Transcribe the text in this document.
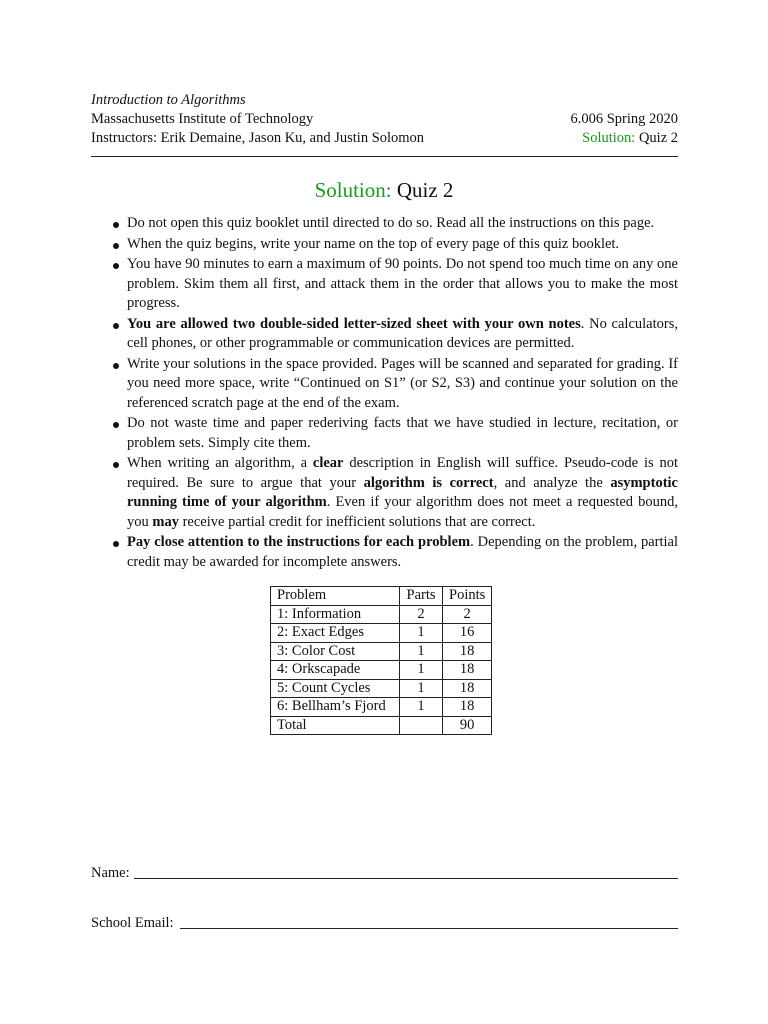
Introduction to Algorithms
Massachusetts Institute of Technology
Instructors: Erik Demaine, Jason Ku, and Justin Solomon
6.006 Spring 2020
Solution: Quiz 2
Solution: Quiz 2
Do not open this quiz booklet until directed to do so. Read all the instructions on this page.
When the quiz begins, write your name on the top of every page of this quiz booklet.
You have 90 minutes to earn a maximum of 90 points. Do not spend too much time on any one problem. Skim them all first, and attack them in the order that allows you to make the most progress.
You are allowed two double-sided letter-sized sheet with your own notes. No calculators, cell phones, or other programmable or communication devices are permitted.
Write your solutions in the space provided. Pages will be scanned and separated for grading. If you need more space, write “Continued on S1” (or S2, S3) and continue your solution on the referenced scratch page at the end of the exam.
Do not waste time and paper rederiving facts that we have studied in lecture, recitation, or problem sets. Simply cite them.
When writing an algorithm, a clear description in English will suffice. Pseudo-code is not required. Be sure to argue that your algorithm is correct, and analyze the asymptotic running time of your algorithm. Even if your algorithm does not meet a requested bound, you may receive partial credit for inefficient solutions that are correct.
Pay close attention to the instructions for each problem. Depending on the problem, partial credit may be awarded for incomplete answers.
Problem	Parts	Points
1: Information	2	2
2: Exact Edges	1	16
3: Color Cost	1	18
4: Orkscapade	1	18
5: Count Cycles	1	18
6: Bellham’s Fjord	1	18
Total		90
Name:
School Email:
